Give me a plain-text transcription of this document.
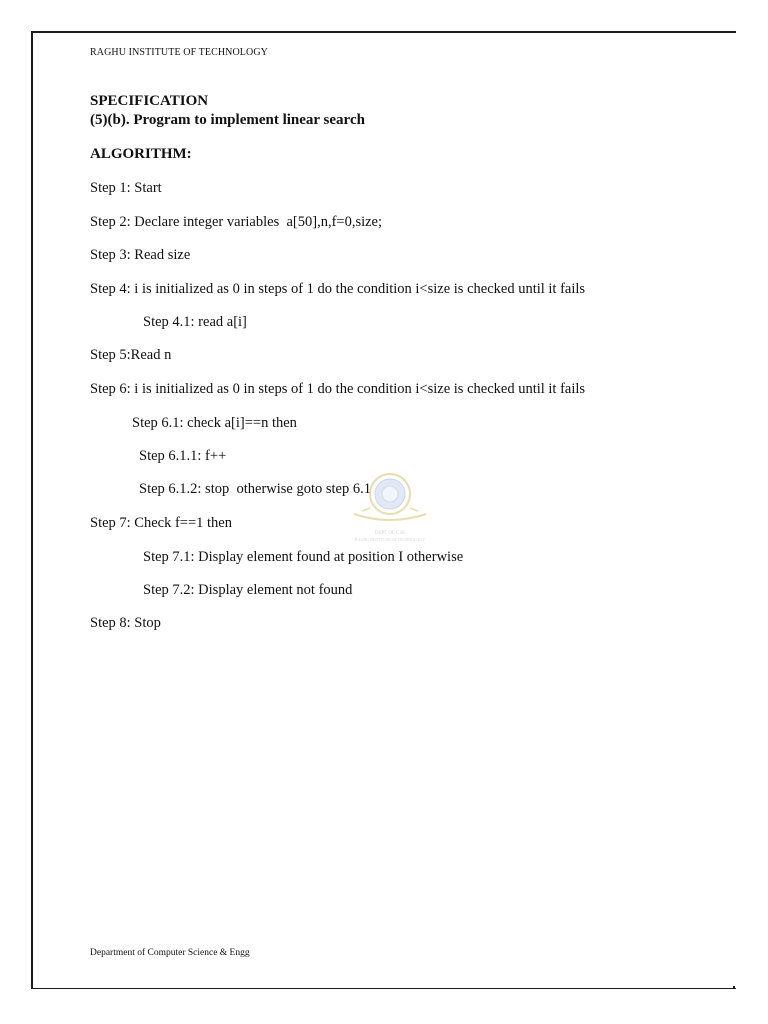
RAGHU INSTITUTE OF TECHNOLOGY
SPECIFICATION
(5)(b). Program to implement linear search
ALGORITHM:
Step 1: Start
Step 2: Declare integer variables  a[50],n,f=0,size;
Step 3: Read size
Step 4: i is initialized as 0 in steps of 1 do the condition i<size is checked until it fails
Step 4.1: read a[i]
Step 5:Read n
Step 6: i is initialized as 0 in steps of 1 do the condition i<size is checked until it fails
Step 6.1: check a[i]==n then
Step 6.1.1: f++
Step 6.1.2: stop  otherwise goto step 6.1
Step 7: Check f==1 then
Step 7.1: Display element found at position I otherwise
Step 7.2: Display element not found
Step 8: Stop
DEPT OF CSE
RAGHU INSTITUTE OF TECHNOLOGY
Department of Computer Science & Engg
